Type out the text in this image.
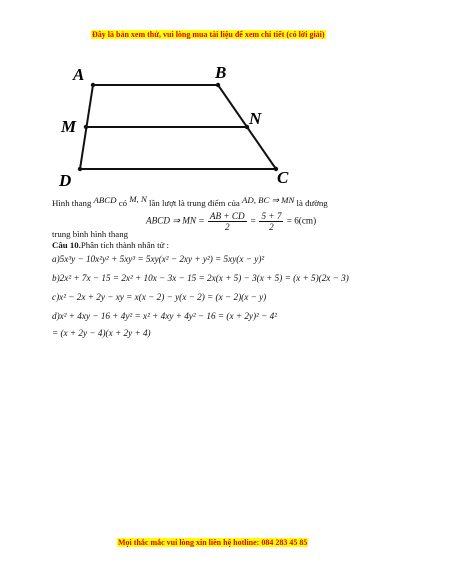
Đây là bản xem thử, vui lòng mua tài liệu để xem chi tiết (có lời giải)
A	B
M	N
D	C
Hình thang ABCD có M, N lần lượt là trung điểm của AD, BC ⇒ MN là đường
ABCD ⇒ MN = $\frac{AB + CD}{2} = \frac{5 + 7}{2} = 6(cm)$
trung bình hình thang
Câu 10.Phân tích thành nhân tử :
a)5x³y − 10x²y² + 5xy³ = 5xy(x² − 2xy + y²) = 5xy(x − y)²
b)2x² + 7x − 15 = 2x² + 10x − 3x − 15 = 2x(x + 5) − 3(x + 5) = (x + 5)(2x − 3)
c)x² − 2x + 2y − xy = x(x − 2) − y(x − 2) = (x − 2)(x − y)
d)x² + 4xy − 16 + 4y² = x² + 4xy + 4y² − 16 = (x + 2y)² − 4²
= (x + 2y − 4)(x + 2y + 4)
Mọi thắc mắc vui lòng xin liên hệ hotline: 084 283 45 85
